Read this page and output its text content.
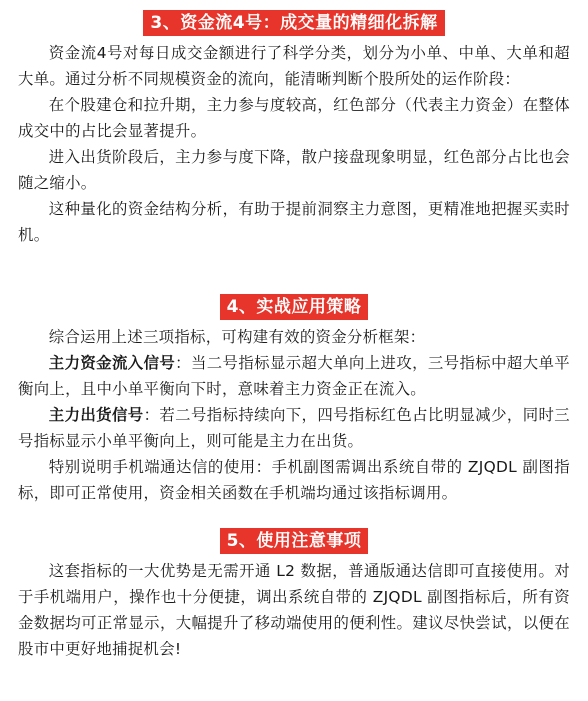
3、资金流4号：成交量的精细化拆解

资金流4号对每日成交金额进行了科学分类，划分为小单、中单、大单和超大单。通过分析不同规模资金的流向，能清晰判断个股所处的运作阶段：

在个股建仓和拉升期，主力参与度较高，红色部分（代表主力资金）在整体成交中的占比会显著提升。

进入出货阶段后，主力参与度下降，散户接盘现象明显，红色部分占比也会随之缩小。

这种量化的资金结构分析，有助于提前洞察主力意图，更精准地把握买卖时机。

4、实战应用策略

综合运用上述三项指标，可构建有效的资金分析框架：

主力资金流入信号：当二号指标显示超大单向上进攻，三号指标中超大单平衡向上，且中小单平衡向下时，意味着主力资金正在流入。

主力出货信号：若二号指标持续向下，四号指标红色占比明显减少，同时三号指标显示小单平衡向上，则可能是主力在出货。

特别说明手机端通达信的使用：手机副图需调出系统自带的 ZJQDL 副图指标，即可正常使用，资金相关函数在手机端均通过该指标调用。

5、使用注意事项

这套指标的一大优势是无需开通 L2 数据，普通版通达信即可直接使用。对于手机端用户，操作也十分便捷，调出系统自带的 ZJQDL 副图指标后，所有资金数据均可正常显示，大幅提升了移动端使用的便利性。建议尽快尝试，以便在股市中更好地捕捉机会!
